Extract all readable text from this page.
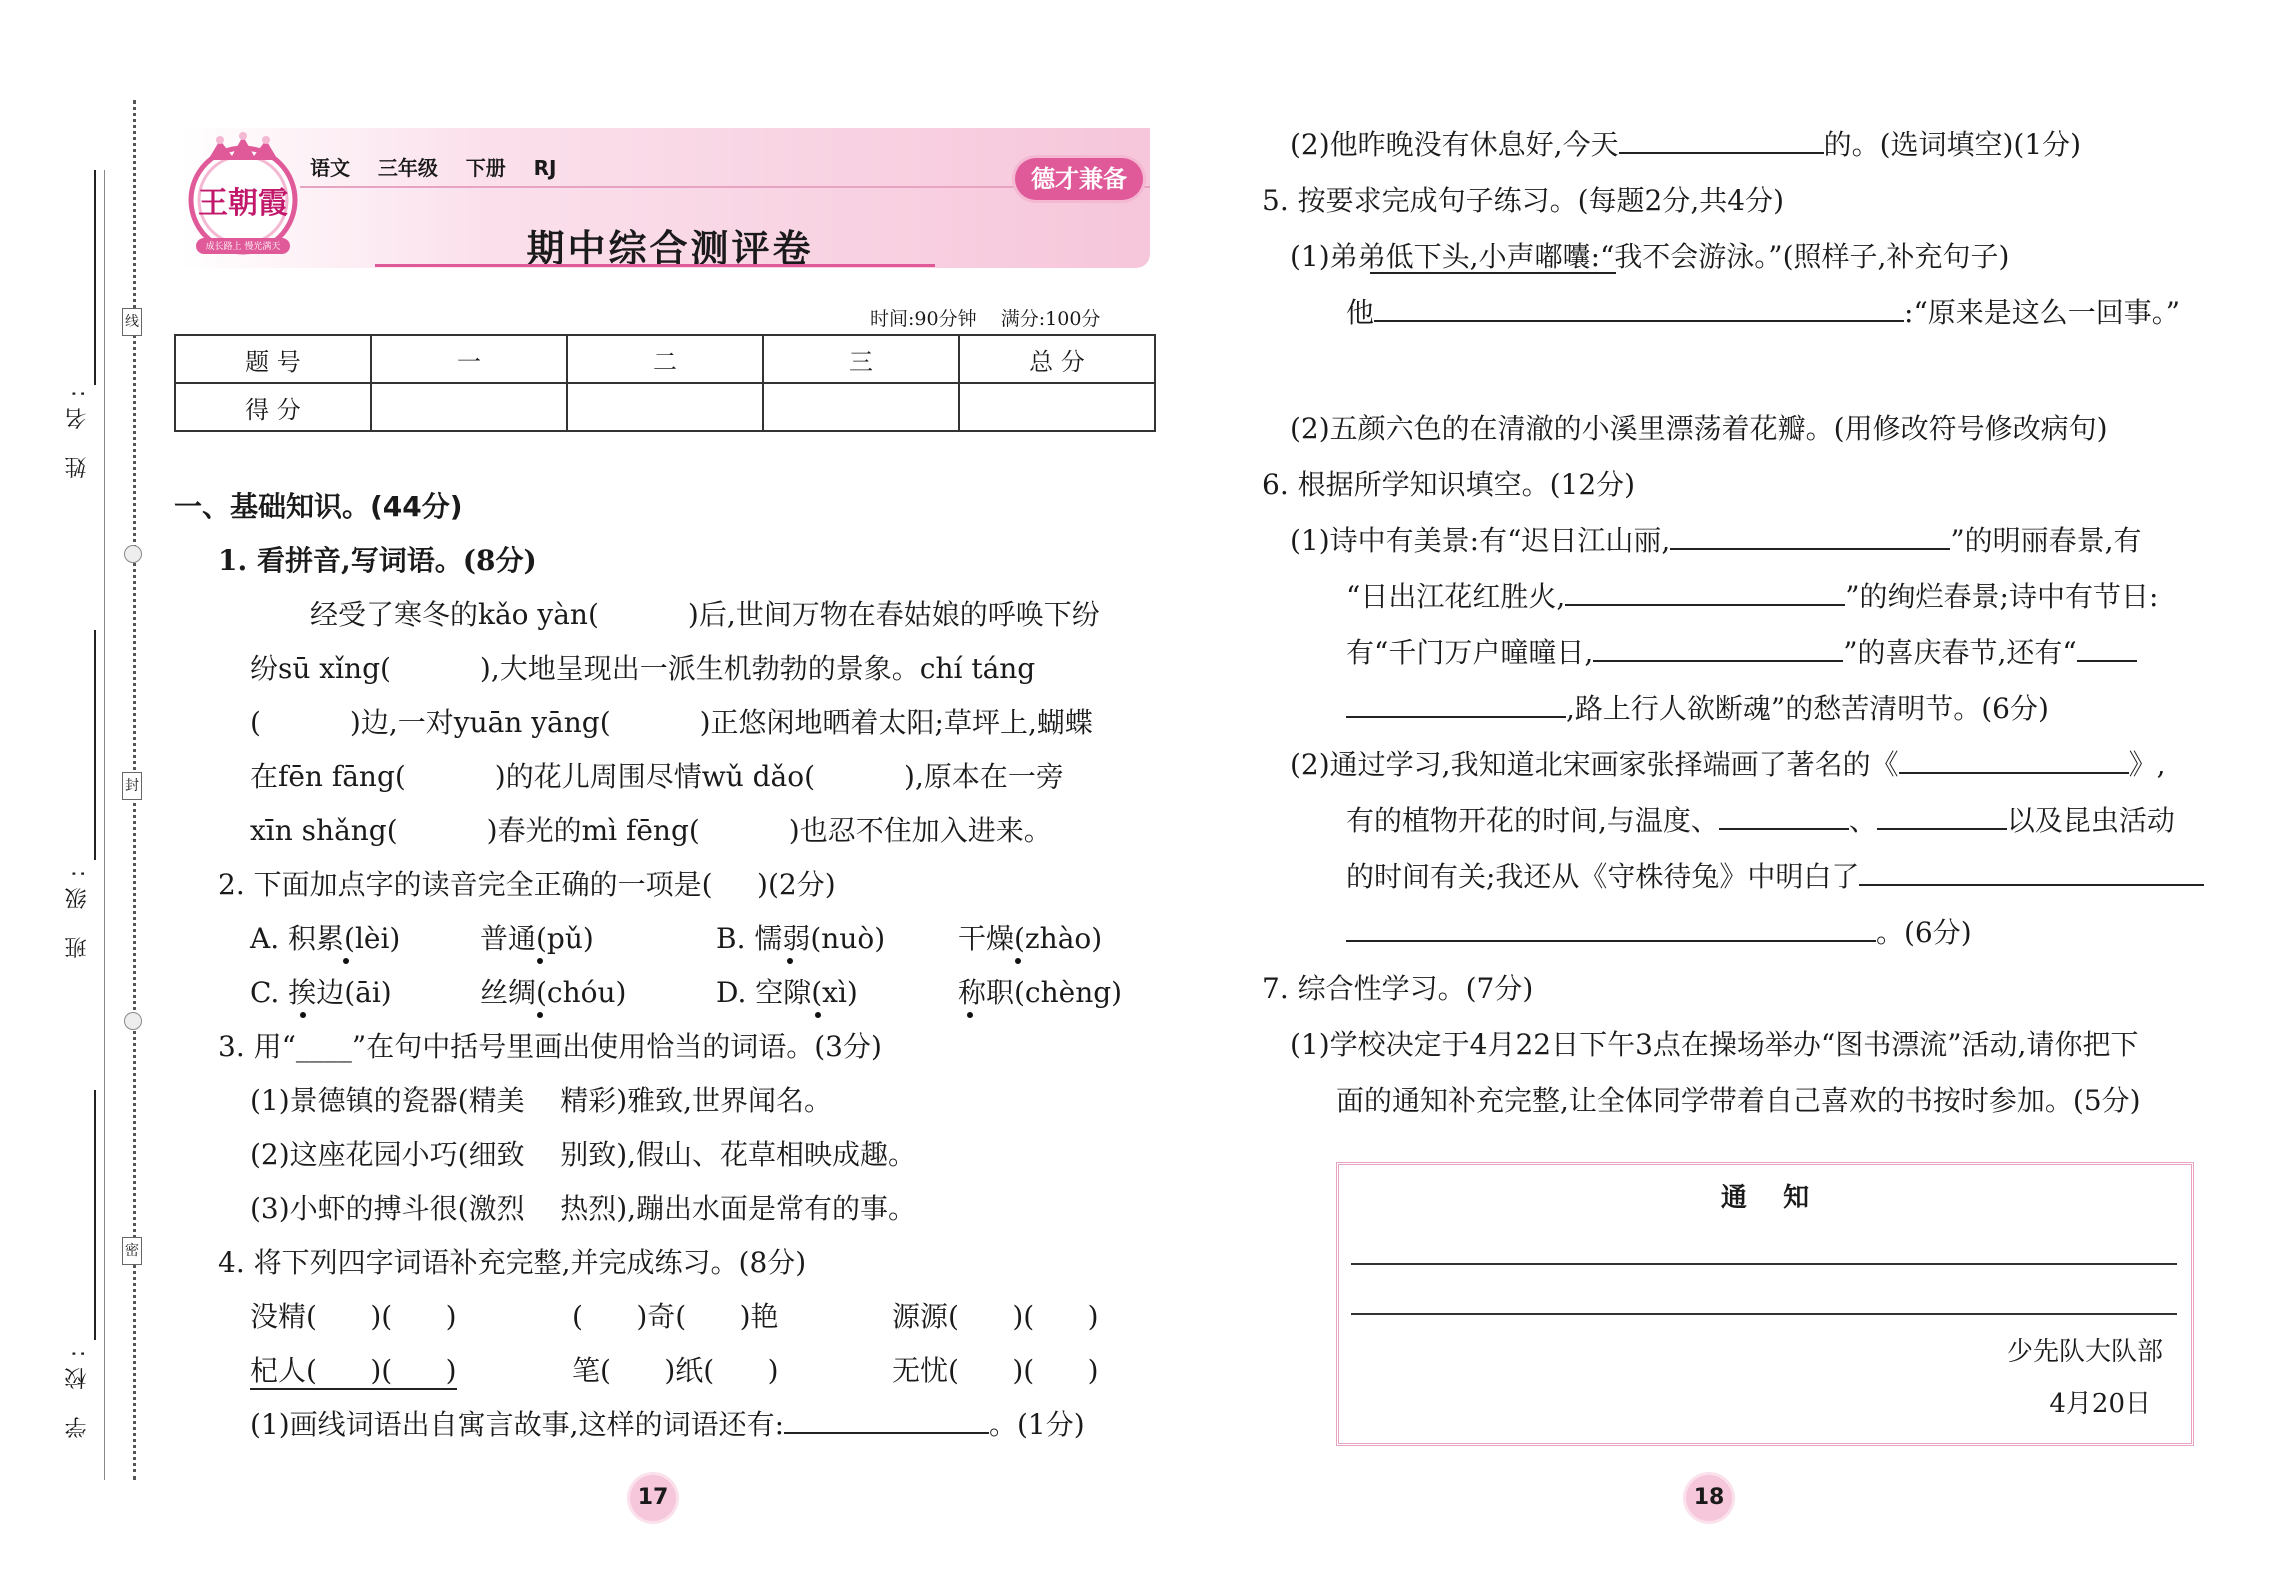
姓 名:
班 级:
学 校:
线
封
密
王朝霞
成长路上 慢光满天
语文 三年级 下册 RJ	德才兼备
期中综合测评卷
时间:90分钟    满分:100分
题 号	一	二	三	总 分
得 分				
一、基础知识。(44分)
1. 看拼音,写词语。(8分)
经受了寒冬的kǎo yàn(          )后,世间万物在春姑娘的呼唤下纷
纷sū xǐng(          ),大地呈现出一派生机勃勃的景象。chí táng
(          )边,一对yuān yāng(          )正悠闲地晒着太阳;草坪上,蝴蝶
在fēn fāng(          )的花儿周围尽情wǔ dǎo(          ),原本在一旁
xīn shǎng(          )春光的mì fēng(          )也忍不住加入进来。
2. 下面加点字的读音完全正确的一项是(     )(2分)
A. 积累(lèi)	普通(pǔ)	B. 懦弱(nuò)	干燥(zhào)
C. 挨边(āi)	丝绸(chóu)	D. 空隙(xì)	称职(chèng)
3. 用“____”在句中括号里画出使用恰当的词语。(3分)
(1)景德镇的瓷器(精美    精彩)雅致,世界闻名。
(2)这座花园小巧(细致    别致),假山、花草相映成趣。
(3)小虾的搏斗很(激烈    热烈),蹦出水面是常有的事。
4. 将下列四字词语补充完整,并完成练习。(8分)
没精(      )(      )	(      )奇(      )艳	源源(      )(      )
杞人(      )(      )	笔(      )纸(      )	无忧(      )(      )
(1)画线词语出自寓言故事,这样的词语还有:	。(1分)
17
(2)他昨晚没有休息好,今天	的。(选词填空)(1分)
5. 按要求完成句子练习。(每题2分,共4分)
(1)弟弟低下头,小声嘟囔:“我不会游泳。”(照样子,补充句子)
他	:“原来是这么一回事。”
(2)五颜六色的在清澈的小溪里漂荡着花瓣。(用修改符号修改病句)
6. 根据所学知识填空。(12分)
(1)诗中有美景:有“迟日江山丽,	”的明丽春景,有
“日出江花红胜火,	”的绚烂春景;诗中有节日:
有“千门万户曈曈日,	”的喜庆春节,还有“
,路上行人欲断魂”的愁苦清明节。(6分)
(2)通过学习,我知道北宋画家张择端画了著名的《	》,
有的植物开花的时间,与温度、	、	以及昆虫活动
的时间有关;我还从《守株待兔》中明白了
。(6分)
7. 综合性学习。(7分)
(1)学校决定于4月22日下午3点在操场举办“图书漂流”活动,请你把下
面的通知补充完整,让全体同学带着自己喜欢的书按时参加。(5分)
通    知
少先队大队部
4月20日
18
